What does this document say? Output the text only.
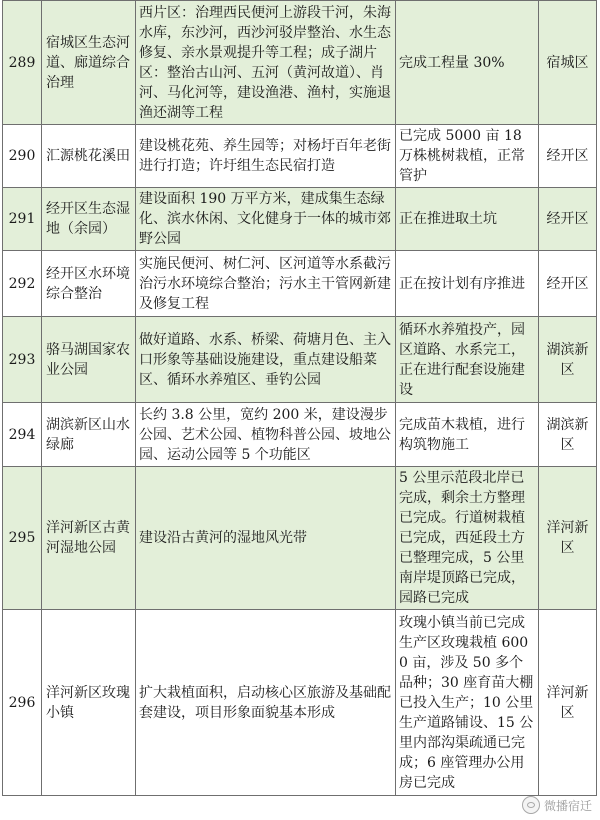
289	宿城区生态河道、廊道综合治理	西片区：治理西民便河上游段干河，朱海水库，东沙河，西沙河驳岸整治、水生态修复、亲水景观提升等工程；成子湖片区：整治古山河、五河（黄河故道）、肖河、马化河等，建设渔港、渔村，实施退渔还湖等工程	完成工程量 30%	宿城区
290	汇源桃花溪田	建设桃花苑、养生园等；对杨圩百年老街进行打造；许圩组生态民宿打造	已完成 5000 亩 18 万株桃树栽植，正常管护	经开区
291	经开区生态湿地（余园）	建设面积 190 万平方米，建成集生态绿化、滨水休闲、文化健身于一体的城市郊野公园	正在推进取土坑	经开区
292	经开区水环境综合整治	实施民便河、树仁河、区河道等水系截污治污水环境综合整治；污水主干管网新建及修复工程	正在按计划有序推进	经开区
293	骆马湖国家农业公园	做好道路、水系、桥梁、荷塘月色、主入口形象等基础设施建设，重点建设船菜区、循环水养殖区、垂钓公园	循环水养殖投产，园区道路、水系完工，正在进行配套设施建设	湖滨新区
294	湖滨新区山水绿廊	长约 3.8 公里，宽约 200 米，建设漫步公园、艺术公园、植物科普公园、坡地公园、运动公园等 5 个功能区	完成苗木栽植，进行构筑物施工	湖滨新区
295	洋河新区古黄河湿地公园	建设沿古黄河的湿地风光带	5 公里示范段北岸已完成，剩余土方整理已完成。行道树栽植已完成，西延段土方已整理完成，5 公里南岸堤顶路已完成，园路已完成	洋河新区
296	洋河新区玫瑰小镇	扩大栽植面积，启动核心区旅游及基础配套建设，项目形象面貌基本形成	玫瑰小镇当前已完成生产区玫瑰栽植 6000 亩，涉及 50 多个品种；30 座育苗大棚已投入生产；10 公里生产道路铺设、15 公里内部沟渠疏通已完成；6 座管理办公用房已完成	洋河新区
微播宿迁
